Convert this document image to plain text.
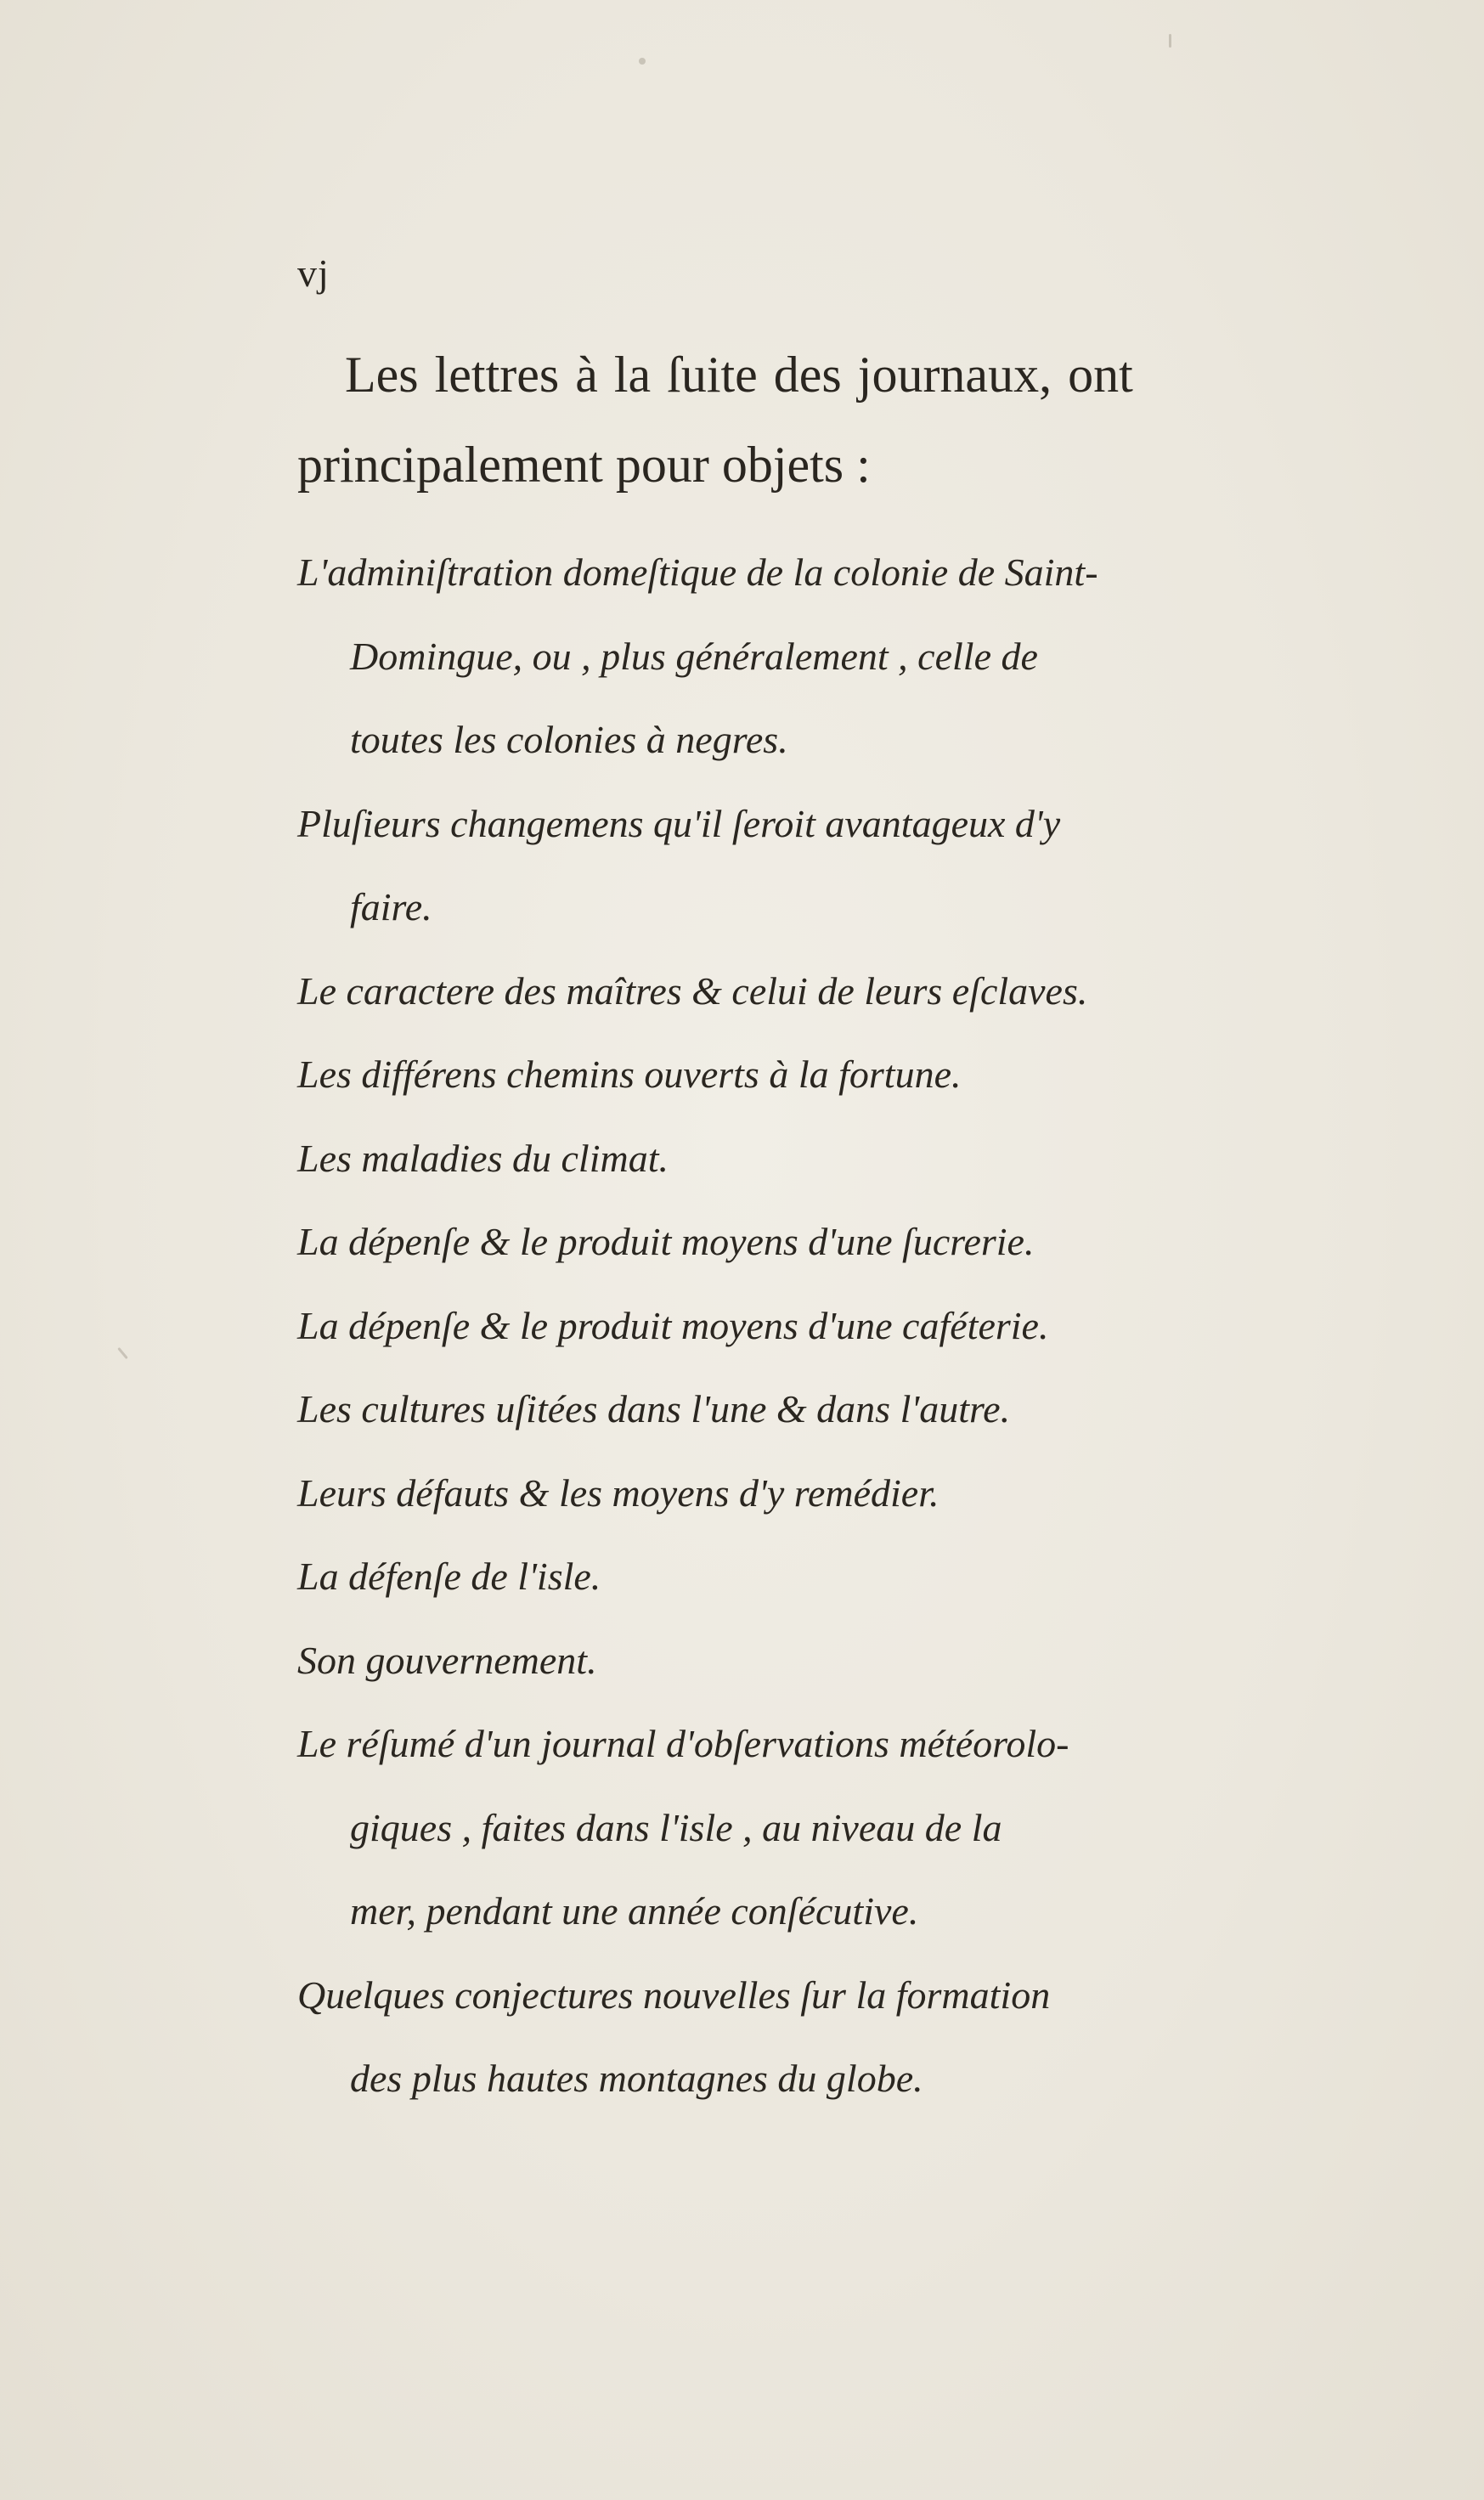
vj
Les lettres à la ſuite des journaux, ont
principalement pour objets :
L'adminiſtration domeſtique de la colonie de Saint-
Domingue, ou , plus généralement , celle de
toutes les colonies à negres.
Pluſieurs changemens qu'il ſeroit avantageux d'y
faire.
Le caractere des maîtres & celui de leurs eſclaves.
Les différens chemins ouverts à la fortune.
Les maladies du climat.
La dépenſe & le produit moyens d'une ſucrerie.
La dépenſe & le produit moyens d'une caféterie.
Les cultures uſitées dans l'une & dans l'autre.
Leurs défauts & les moyens d'y remédier.
La défenſe de l'isle.
Son gouvernement.
Le réſumé d'un journal d'obſervations météorolo-
giques , faites dans l'isle , au niveau de la
mer, pendant une année conſécutive.
Quelques conjectures nouvelles ſur la formation
des plus hautes montagnes du globe.
